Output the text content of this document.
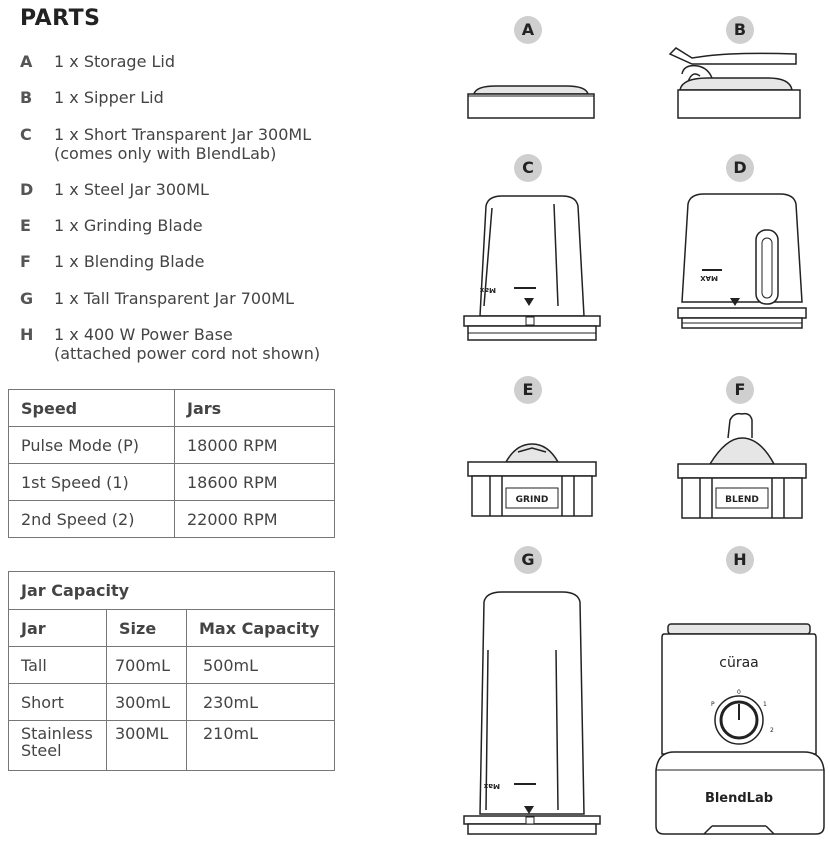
PARTS
A 1 x Storage Lid
B 1 x Sipper Lid
C 1 x Short Transparent Jar 300ML
(comes only with BlendLab)
D 1 x Steel Jar 300ML
E 1 x Grinding Blade
F 1 x Blending Blade
G 1 x Tall Transparent Jar 700ML
H 1 x 400 W Power Base
(attached power cord not shown)
Speed	Jars
Pulse Mode (P)	18000 RPM
1st Speed (1)	18600 RPM
2nd Speed (2)	22000 RPM
Jar Capacity		
Jar	Size	Max Capacity
Tall	700mL	500mL
Short	300mL	230mL
Stainless Steel	300ML	210mL
A	B
C	D
E	F
G	H
Max
MAX
GRIND	BLEND
Max
cüraa
P
0
1
2
BlendLab
